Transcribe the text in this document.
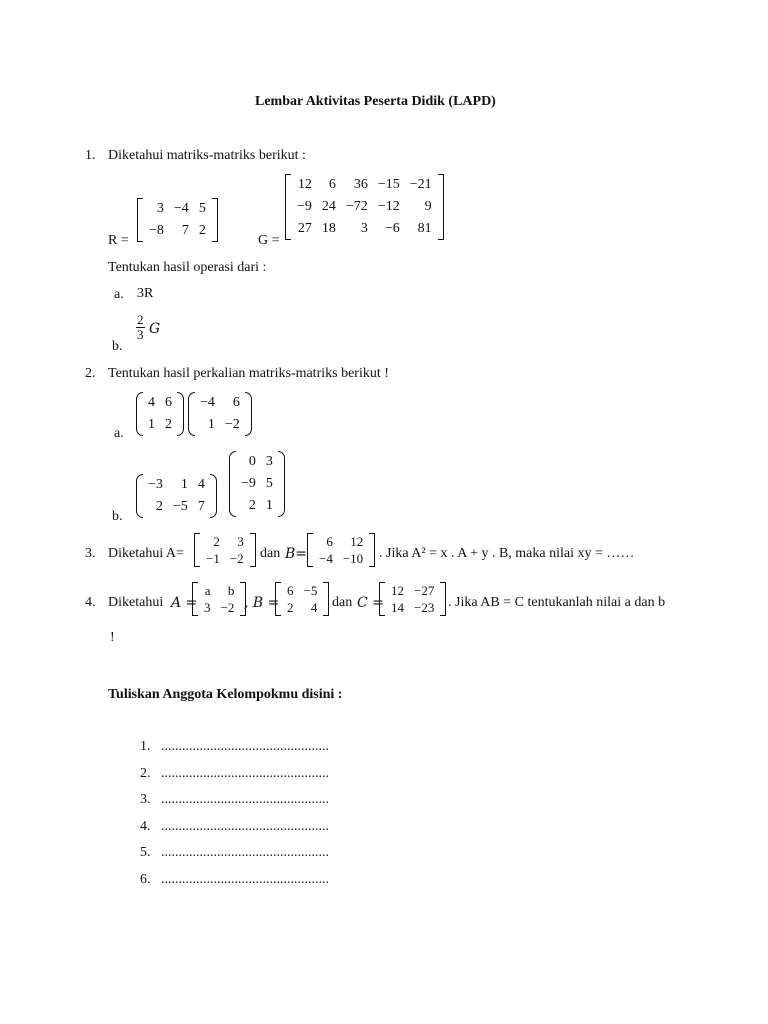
Lembar Aktivitas Peserta Didik (LAPD)
1. Diketahui matriks-matriks berikut :
R =
3	−4	5
−8	7	2
G =
12	6	36	−15	−21
−9	24	−72	−12	9
27	18	3	−6	81
Tentukan hasil operasi dari :
a. 3R
b.
$\frac{2}{3}$ G
2. Tentukan hasil perkalian matriks-matriks berikut !
a.
4	6
1	2
−4	6
1	−2
b.
−3	1	4
2	−5	7
0	3
−9	5
2	1
3. Diketahui A=
2	3
−1	−2 dan B=
6	12
−4	−10 . Jika A² = x . A + y . B, maka nilai xy = ……
4. Diketahui A =
a	b
3	−2 , B =
6	−5
2	4 dan C =
12	−27
14	−23 . Jika AB = C tentukanlah nilai a dan b
!
Tuliskan Anggota Kelompokmu disini :
1. ................................................
2. ................................................
3. ................................................
4. ................................................
5. ................................................
6. ................................................
